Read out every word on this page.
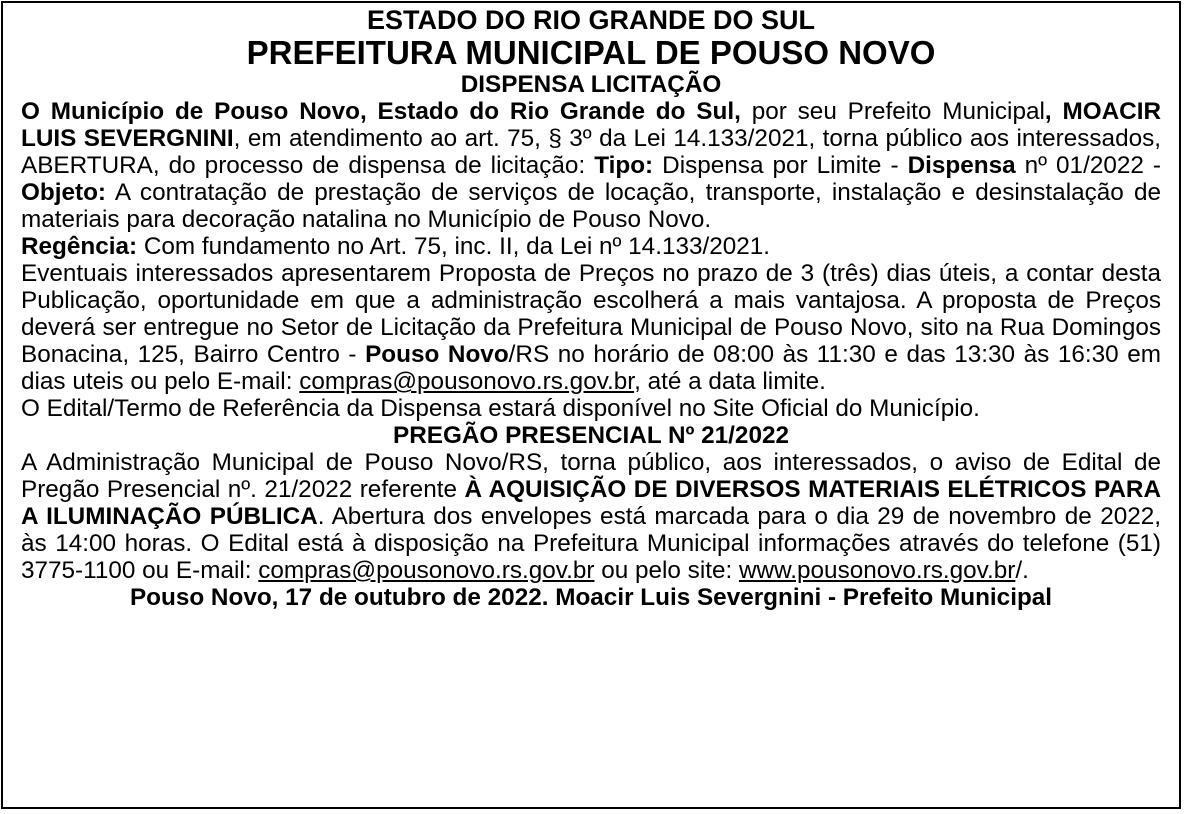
ESTADO DO RIO GRANDE DO SUL
PREFEITURA MUNICIPAL DE POUSO NOVO
DISPENSA LICITAÇÃO

O Município de Pouso Novo, Estado do Rio Grande do Sul, por seu Prefeito Municipal, MOACIR LUIS SEVERGNINI, em atendimento ao art. 75, § 3º da Lei 14.133/2021, torna público aos interessados, ABERTURA, do processo de dispensa de licitação: Tipo: Dispensa por Limite - Dispensa nº 01/2022 - Objeto: A contratação de prestação de serviços de locação, transporte, instalação e desinstalação de materiais para decoração natalina no Município de Pouso Novo.

Regência: Com fundamento no Art. 75, inc. II, da Lei nº 14.133/2021.

Eventuais interessados apresentarem Proposta de Preços no prazo de 3 (três) dias úteis, a contar desta Publicação, oportunidade em que a administração escolherá a mais vantajosa. A proposta de Preços deverá ser entregue no Setor de Licitação da Prefeitura Municipal de Pouso Novo, sito na Rua Domingos Bonacina, 125, Bairro Centro - Pouso Novo/RS no horário de 08:00 às 11:30 e das 13:30 às 16:30 em dias uteis ou pelo E-mail: compras@pousonovo.rs.gov.br, até a data limite.

O Edital/Termo de Referência da Dispensa estará disponível no Site Oficial do Município.

PREGÃO PRESENCIAL Nº 21/2022

A Administração Municipal de Pouso Novo/RS, torna público, aos interessados, o aviso de Edital de Pregão Presencial nº. 21/2022 referente À AQUISIÇÃO DE DIVERSOS MATERIAIS ELÉTRICOS PARA A ILUMINAÇÃO PÚBLICA. Abertura dos envelopes está marcada para o dia 29 de novembro de 2022, às 14:00 horas. O Edital está à disposição na Prefeitura Municipal informações através do telefone (51) 3775-1100 ou E-mail: compras@pousonovo.rs.gov.br ou pelo site: www.pousonovo.rs.gov.br/.

Pouso Novo, 17 de outubro de 2022. Moacir Luis Severgnini - Prefeito Municipal
